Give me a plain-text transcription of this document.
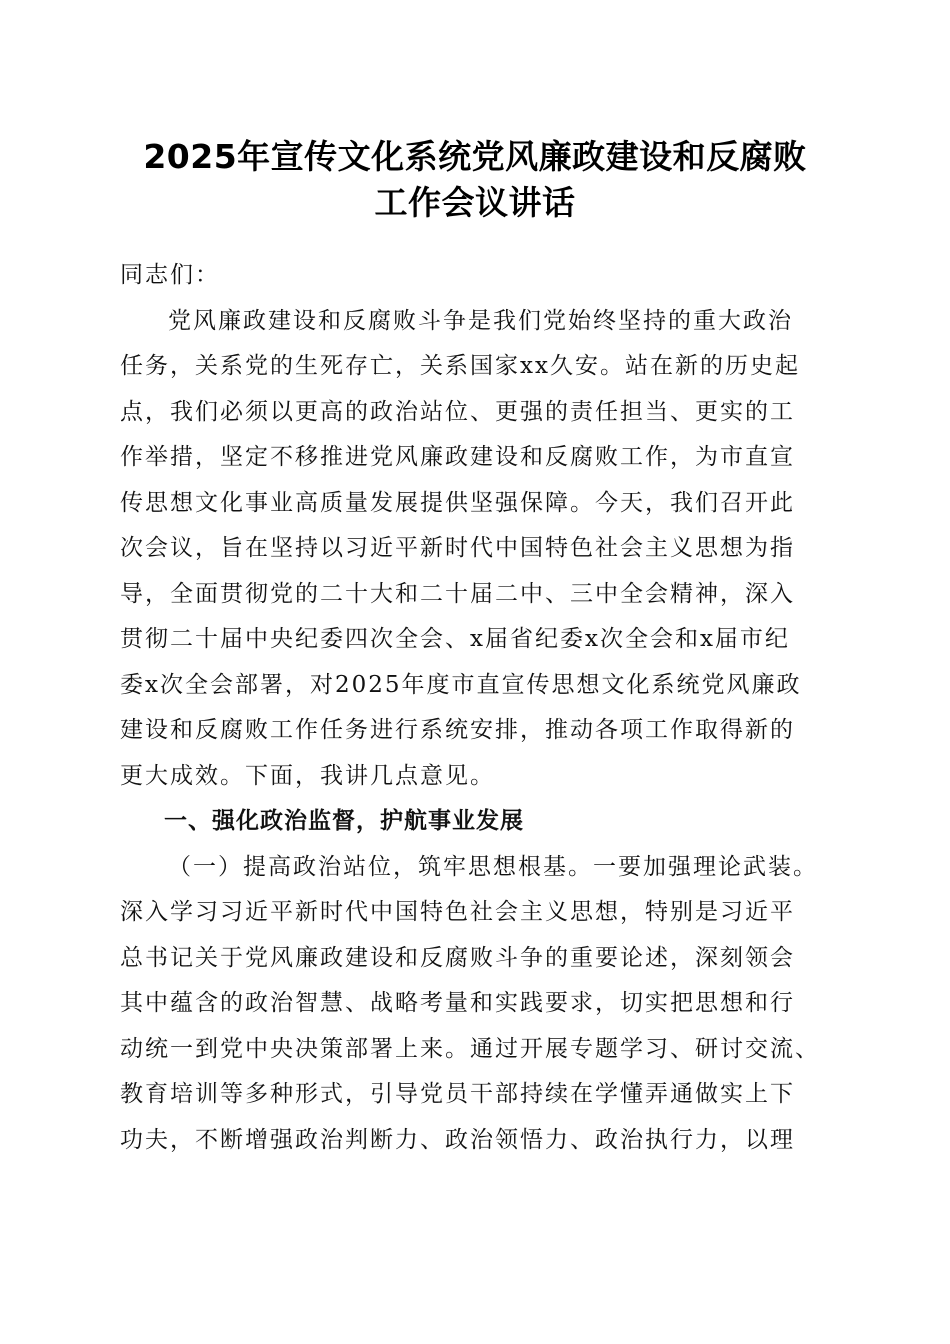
2025年宣传文化系统党风廉政建设和反腐败
工作会议讲话
同志们：
党风廉政建设和反腐败斗争是我们党始终坚持的重大政治
任务，关系党的生死存亡，关系国家xx久安。站在新的历史起
点，我们必须以更高的政治站位、更强的责任担当、更实的工
作举措，坚定不移推进党风廉政建设和反腐败工作，为市直宣
传思想文化事业高质量发展提供坚强保障。今天，我们召开此
次会议，旨在坚持以习近平新时代中国特色社会主义思想为指
导，全面贯彻党的二十大和二十届二中、三中全会精神，深入
贯彻二十届中央纪委四次全会、x届省纪委x次全会和x届市纪
委x次全会部署，对2025年度市直宣传思想文化系统党风廉政
建设和反腐败工作任务进行系统安排，推动各项工作取得新的
更大成效。下面，我讲几点意见。
一、强化政治监督，护航事业发展
（一）提高政治站位，筑牢思想根基。一要加强理论武装。
深入学习习近平新时代中国特色社会主义思想，特别是习近平
总书记关于党风廉政建设和反腐败斗争的重要论述，深刻领会
其中蕴含的政治智慧、战略考量和实践要求，切实把思想和行
动统一到党中央决策部署上来。通过开展专题学习、研讨交流、
教育培训等多种形式，引导党员干部持续在学懂弄通做实上下
功夫，不断增强政治判断力、政治领悟力、政治执行力，以理
